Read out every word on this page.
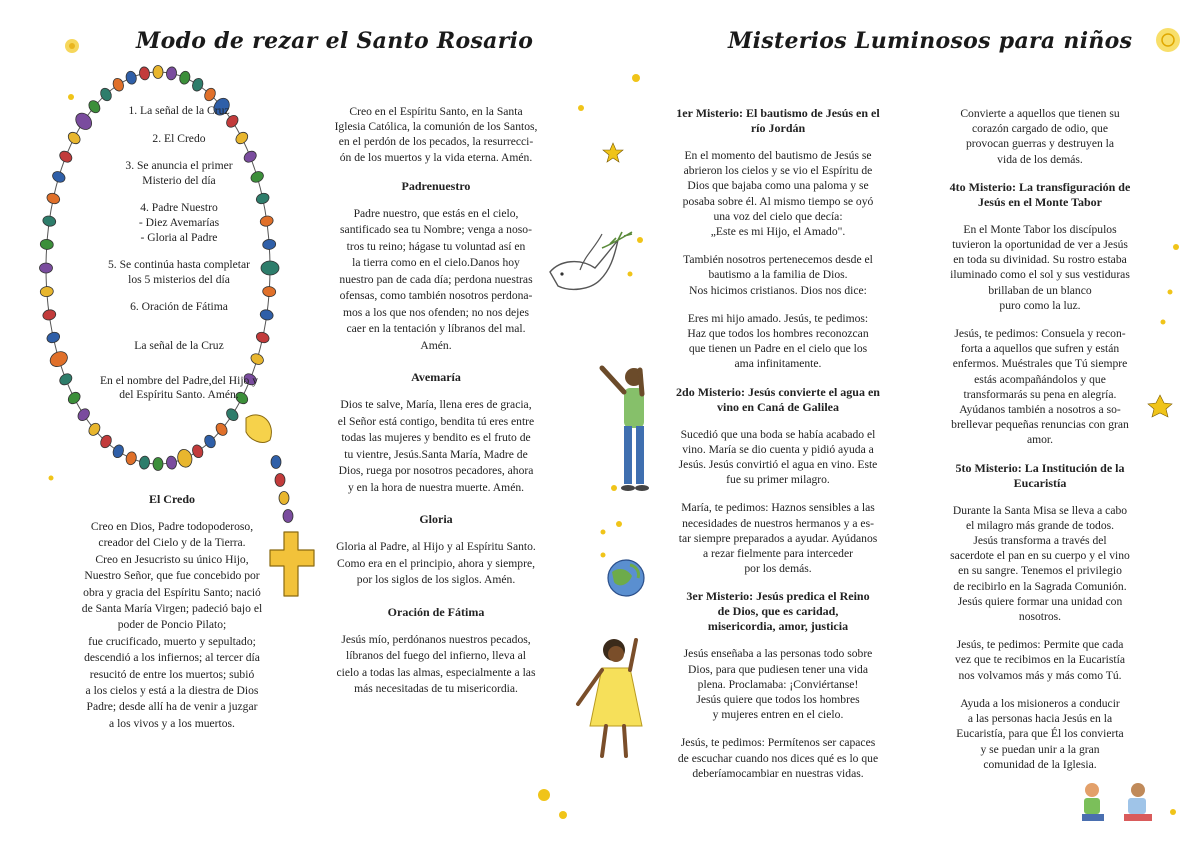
Modo de rezar el Santo Rosario	Misterios Luminosos para niños
1. La señal de la Cruz
2. El Credo
3. Se anuncia el primer
Misterio del día
4. Padre Nuestro
- Diez Avemarías
- Gloria al Padre
5. Se continúa hasta completar
los 5 misterios del día
6. Oración de Fátima
La señal de la Cruz
En el nombre del Padre,del Hijo y
del Espíritu Santo. Amén.
El Credo

Creo en Dios, Padre todopoderoso,
creador del Cielo y de la Tierra.
Creo en Jesucristo su único Hijo,
Nuestro Señor, que fue concebido por
obra y gracia del Espíritu Santo; nació
de Santa María Virgen; padeció bajo el
poder de Poncio Pilato;
fue crucificado, muerto y sepultado;
descendió a los infiernos; al tercer día
resucitó de entre los muertos; subió
a los cielos y está a la diestra de Dios
Padre; desde allí ha de venir a juzgar
a los vivos y a los muertos.

Creo en el Espíritu Santo, en la Santa
Iglesia Católica, la comunión de los Santos,
en el perdón de los pecados, la resurrecci-
ón de los muertos y la vida eterna. Amén.

Padrenuestro

Padre nuestro, que estás en el cielo,
santificado sea tu Nombre; venga a noso-
tros tu reino; hágase tu voluntad así en
la tierra como en el cielo.Danos hoy
nuestro pan de cada día; perdona nuestras
ofensas, como también nosotros perdona-
mos a los que nos ofenden; no nos dejes
caer en la tentación y líbranos del mal.
Amén.

Avemaría

Dios te salve, María, llena eres de gracia,
el Señor está contigo, bendita tú eres entre
todas las mujeres y bendito es el fruto de
tu vientre, Jesús.Santa María, Madre de
Dios, ruega por nosotros pecadores, ahora
y en la hora de nuestra muerte. Amén.

Gloria

Gloria al Padre, al Hijo y al Espíritu Santo.
Como era en el principio, ahora y siempre,
por los siglos de los siglos. Amén.

Oración de Fátima

Jesús mío, perdónanos nuestros pecados,
líbranos del fuego del infierno, lleva al
cielo a todas las almas, especialmente a las
más necesitadas de tu misericordia.

1er Misterio: El bautismo de Jesús en el
río Jordán

En el momento del bautismo de Jesús se
abrieron los cielos y se vio el Espíritu de
Dios que bajaba como una paloma y se
posaba sobre él. Al mismo tiempo se oyó
una voz del cielo que decía:
„Este es mi Hijo, el Amado".

También nosotros pertenecemos desde el
bautismo a la familia de Dios.
Nos hicimos cristianos. Dios nos dice:

Eres mi hijo amado. Jesús, te pedimos:
Haz que todos los hombres reconozcan
que tienen un Padre en el cielo que los
ama infinitamente.

2do Misterio: Jesús convierte el agua en
vino en Caná de Galilea

Sucedió que una boda se había acabado el
vino. María se dio cuenta y pidió ayuda a
Jesús. Jesús convirtió el agua en vino. Este
fue su primer milagro.

María, te pedimos: Haznos sensibles a las
necesidades de nuestros hermanos y a es-
tar siempre preparados a ayudar. Ayúdanos
a rezar fielmente para interceder
por los demás.

3er Misterio: Jesús predica el Reino
de Dios, que es caridad,
misericordia, amor, justicia

Jesús enseñaba a las personas todo sobre
Dios, para que pudiesen tener una vida
plena. Proclamaba: ¡Conviértanse!
Jesús quiere que todos los hombres
y mujeres entren en el cielo.

Jesús, te pedimos: Permítenos ser capaces
de escuchar cuando nos dices qué es lo que
deberíamocambiar en nuestras vidas.

Convierte a aquellos que tienen su
corazón cargado de odio, que
provocan guerras y destruyen la
vida de los demás.

4to Misterio: La transfiguración de
Jesús en el Monte Tabor

En el Monte Tabor los discípulos
tuvieron la oportunidad de ver a Jesús
en toda su divinidad. Su rostro estaba
iluminado como el sol y sus vestiduras
brillaban de un blanco
puro como la luz.

Jesús, te pedimos: Consuela y recon-
forta a aquellos que sufren y están
enfermos. Muéstrales que Tú siempre
estás acompañándolos y que
transformarás su pena en alegría.
Ayúdanos también a nosotros a so-
brellevar pequeñas renuncias con gran
amor.

5to Misterio: La Institución de la
Eucaristía

Durante la Santa Misa se lleva a cabo
el milagro más grande de todos.
Jesús transforma a través del
sacerdote el pan en su cuerpo y el vino
en su sangre. Tenemos el privilegio
de recibirlo en la Sagrada Comunión.
Jesús quiere formar una unidad con
nosotros.

Jesús, te pedimos: Permite que cada
vez que te recibimos en la Eucaristía
nos volvamos más y más como Tú.

Ayuda a los misioneros a conducir
a las personas hacia Jesús en la
Eucaristía, para que Él los convierta
y se puedan unir a la gran
comunidad de la Iglesia.
